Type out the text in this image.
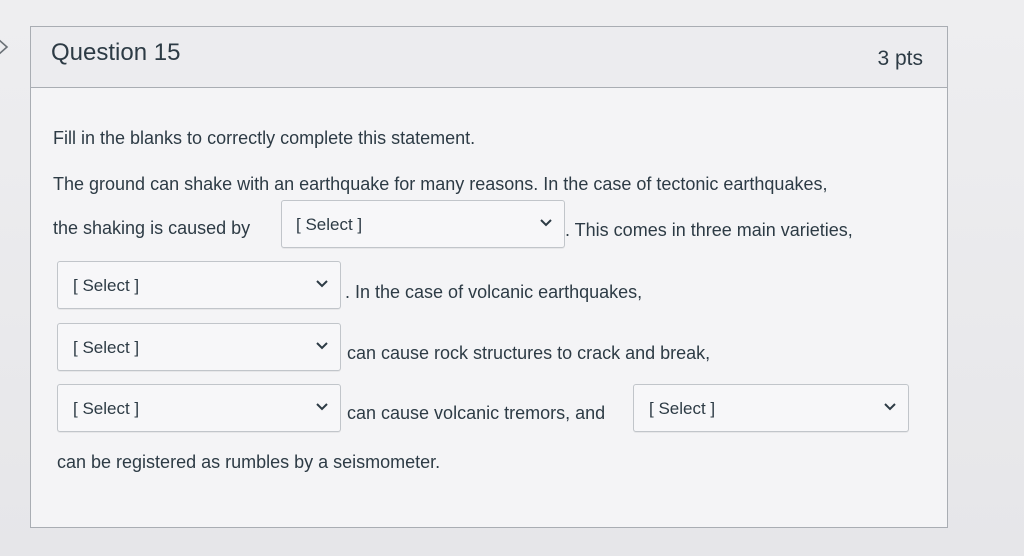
Question 15	3 pts
Fill in the blanks to correctly complete this statement.
The ground can shake with an earthquake for many reasons. In the case of tectonic earthquakes,
the shaking is caused by	[ Select ]	. This comes in three main varieties,
[ Select ]	. In the case of volcanic earthquakes,
[ Select ]	can cause rock structures to crack and break,
[ Select ]	can cause volcanic tremors, and	[ Select ]
can be registered as rumbles by a seismometer.
